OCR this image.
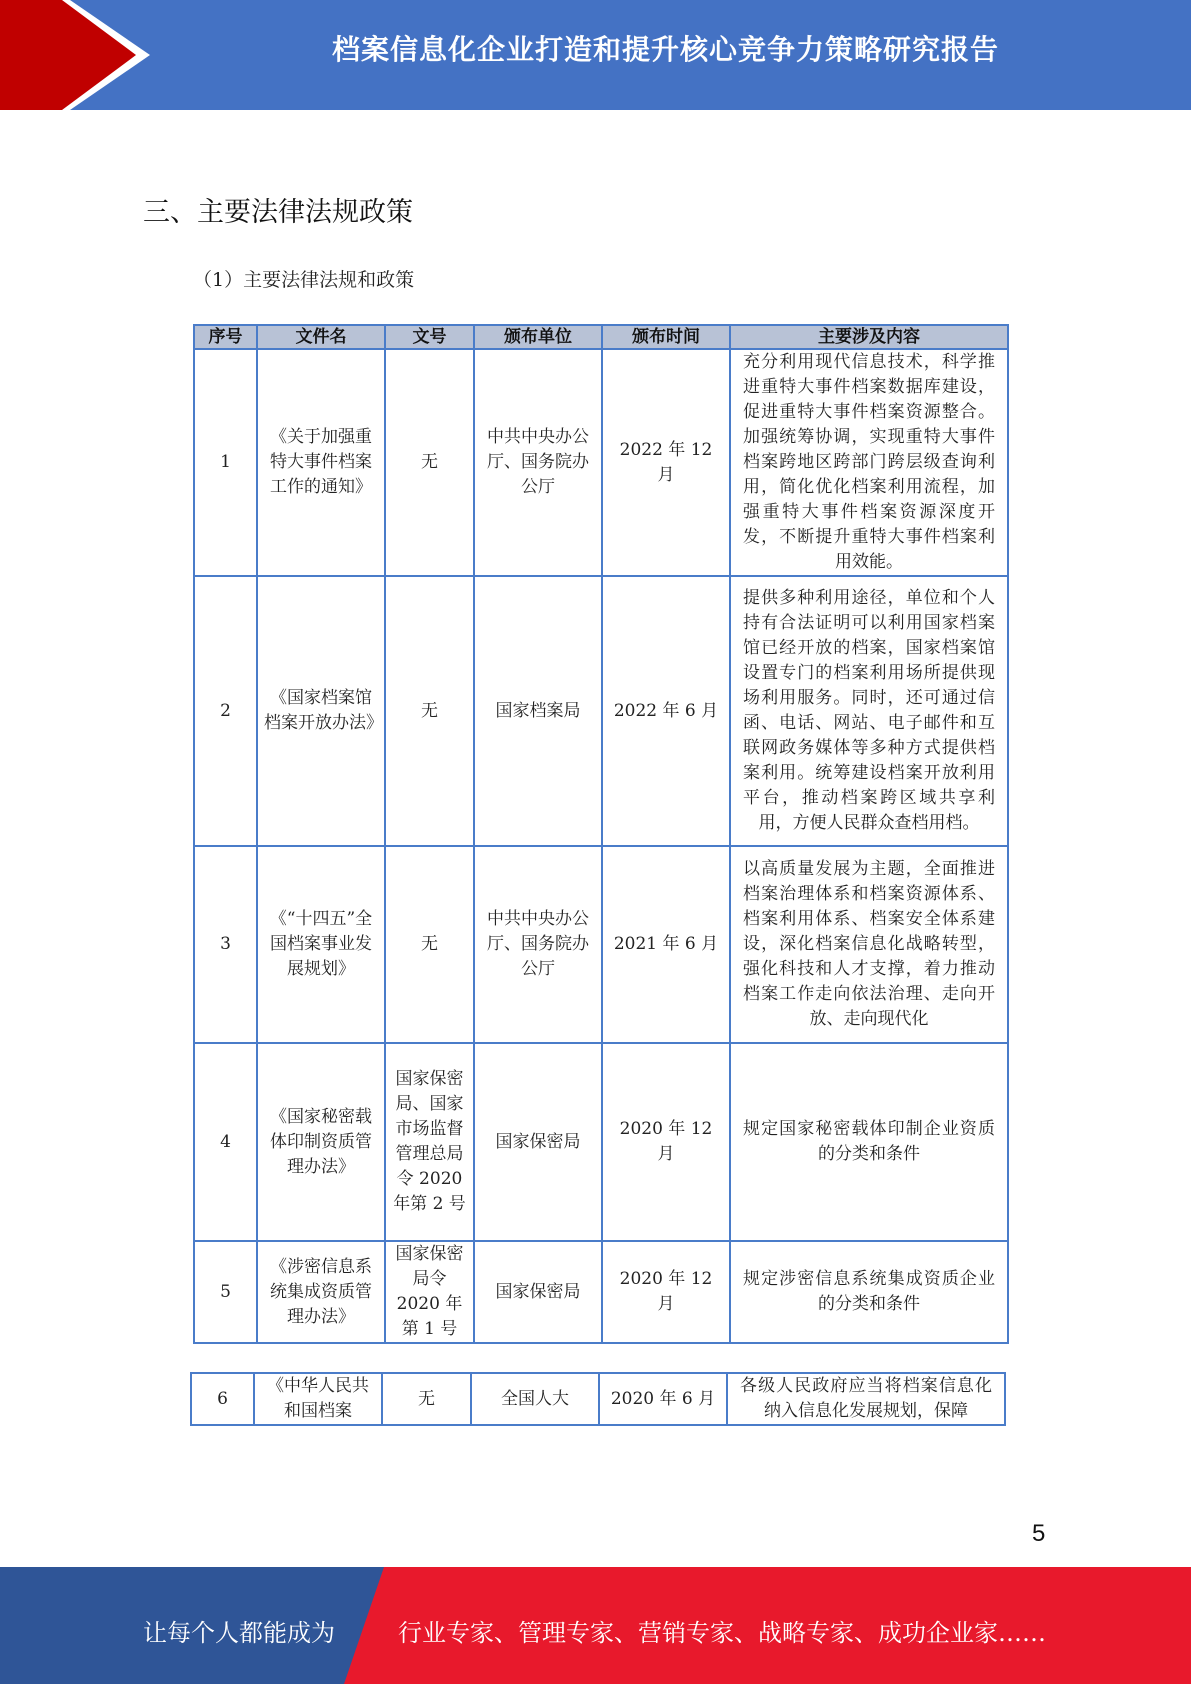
档案信息化企业打造和提升核心竞争力策略研究报告
三、主要法律法规政策
（1）主要法律法规和政策
序号	文件名	文号	颁布单位	颁布时间	主要涉及内容
1	《关于加强重特大事件档案工作的通知》	无	中共中央办公厅、国务院办公厅	2022 年 12 月	充分利用现代信息技术，科学推进重特大事件档案数据库建设，促进重特大事件档案资源整合。加强统筹协调，实现重特大事件档案跨地区跨部门跨层级查询利用，简化优化档案利用流程，加强重特大事件档案资源深度开发，不断提升重特大事件档案利用效能。
2	《国家档案馆档案开放办法》	无	国家档案局	2022 年 6 月	提供多种利用途径，单位和个人持有合法证明可以利用国家档案馆已经开放的档案，国家档案馆设置专门的档案利用场所提供现场利用服务。同时，还可通过信函、电话、网站、电子邮件和互联网政务媒体等多种方式提供档案利用。统筹建设档案开放利用平台，推动档案跨区域共享利用，方便人民群众查档用档。
3	《“十四五”全国档案事业发展规划》	无	中共中央办公厅、国务院办公厅	2021 年 6 月	以高质量发展为主题，全面推进档案治理体系和档案资源体系、档案利用体系、档案安全体系建设，深化档案信息化战略转型，强化科技和人才支撑，着力推动档案工作走向依法治理、走向开放、走向现代化
4	《国家秘密载体印制资质管理办法》	国家保密局、国家市场监督管理总局令 2020 年第 2 号	国家保密局	2020 年 12 月	规定国家秘密载体印制企业资质的分类和条件
5	《涉密信息系统集成资质管理办法》	国家保密局令 2020 年第 1 号	国家保密局	2020 年 12 月	规定涉密信息系统集成资质企业的分类和条件
6	《中华人民共和国档案	无	全国人大	2020 年 6 月	各级人民政府应当将档案信息化纳入信息化发展规划，保障
5
让每个人都能成为	行业专家、管理专家、营销专家、战略专家、成功企业家……
